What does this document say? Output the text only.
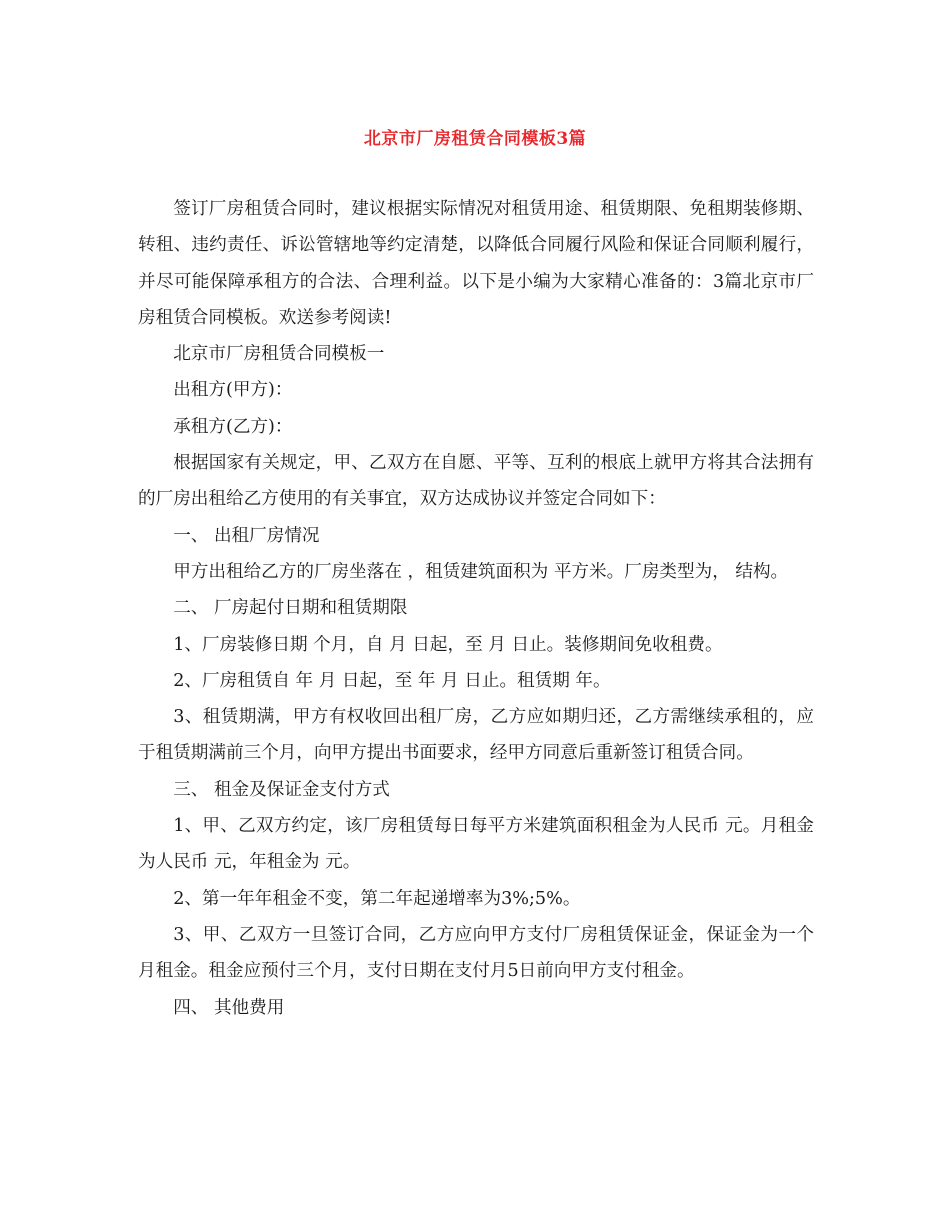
北京市厂房租赁合同模板3篇

签订厂房租赁合同时，建议根据实际情况对租赁用途、租赁期限、免租期装修期、转租、违约责任、诉讼管辖地等约定清楚，以降低合同履行风险和保证合同顺利履行，并尽可能保障承租方的合法、合理利益。以下是小编为大家精心准备的：3篇北京市厂房租赁合同模板。欢送参考阅读!

北京市厂房租赁合同模板一

出租方(甲方)：

承租方(乙方)：

根据国家有关规定，甲、乙双方在自愿、平等、互利的根底上就甲方将其合法拥有的厂房出租给乙方使用的有关事宜，双方达成协议并签定合同如下：

一、 出租厂房情况

甲方出租给乙方的厂房坐落在 ，租赁建筑面积为 平方米。厂房类型为， 结构。

二、 厂房起付日期和租赁期限

1、厂房装修日期 个月，自 月 日起，至 月 日止。装修期间免收租费。

2、厂房租赁自 年 月 日起，至 年 月 日止。租赁期 年。

3、租赁期满，甲方有权收回出租厂房，乙方应如期归还，乙方需继续承租的，应于租赁期满前三个月，向甲方提出书面要求，经甲方同意后重新签订租赁合同。

三、 租金及保证金支付方式

1、甲、乙双方约定，该厂房租赁每日每平方米建筑面积租金为人民币 元。月租金为人民币 元，年租金为 元。

2、第一年年租金不变，第二年起递增率为3%;5%。

3、甲、乙双方一旦签订合同，乙方应向甲方支付厂房租赁保证金，保证金为一个月租金。租金应预付三个月，支付日期在支付月5日前向甲方支付租金。

四、 其他费用
